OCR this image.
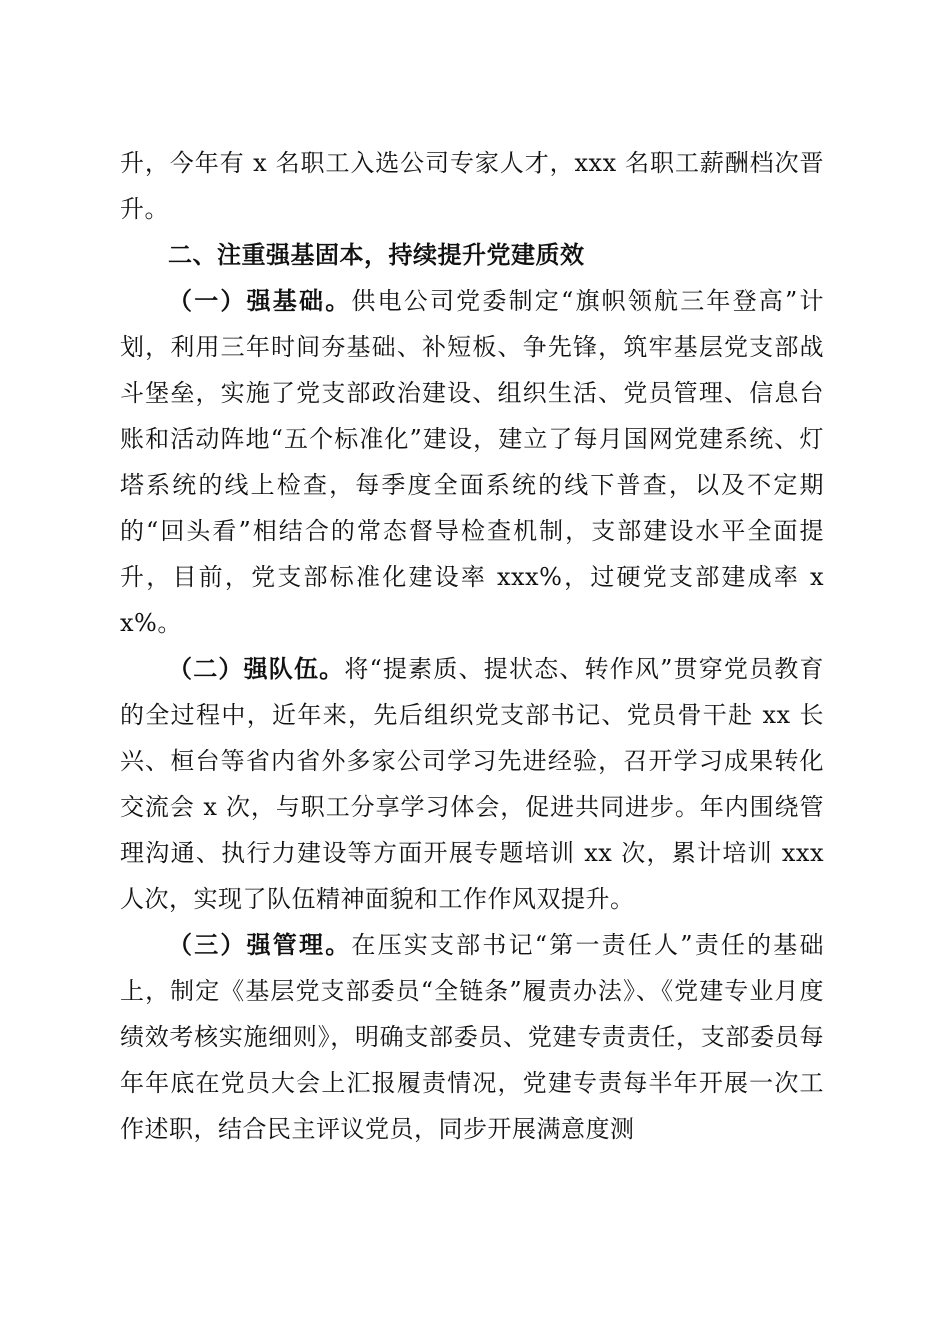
升，今年有 x 名职工入选公司专家人才，xxx 名职工薪酬档次晋升。

二、注重强基固本，持续提升党建质效

（一）强基础。供电公司党委制定“旗帜领航三年登高”计划，利用三年时间夯基础、补短板、争先锋，筑牢基层党支部战斗堡垒，实施了党支部政治建设、组织生活、党员管理、信息台账和活动阵地“五个标准化”建设，建立了每月国网党建系统、灯塔系统的线上检查，每季度全面系统的线下普查，以及不定期的“回头看”相结合的常态督导检查机制，支部建设水平全面提升，目前，党支部标准化建设率 xxx%，过硬党支部建成率 xx%。

（二）强队伍。将“提素质、提状态、转作风”贯穿党员教育的全过程中，近年来，先后组织党支部书记、党员骨干赴 xx 长兴、桓台等省内省外多家公司学习先进经验，召开学习成果转化交流会 x 次，与职工分享学习体会，促进共同进步。年内围绕管理沟通、执行力建设等方面开展专题培训 xx 次，累计培训 xxx 人次，实现了队伍精神面貌和工作作风双提升。

（三）强管理。在压实支部书记“第一责任人”责任的基础上，制定《基层党支部委员“全链条”履责办法》、《党建专业月度绩效考核实施细则》，明确支部委员、党建专责责任，支部委员每年年底在党员大会上汇报履责情况，党建专责每半年开展一次工作述职，结合民主评议党员，同步开展满意度测
